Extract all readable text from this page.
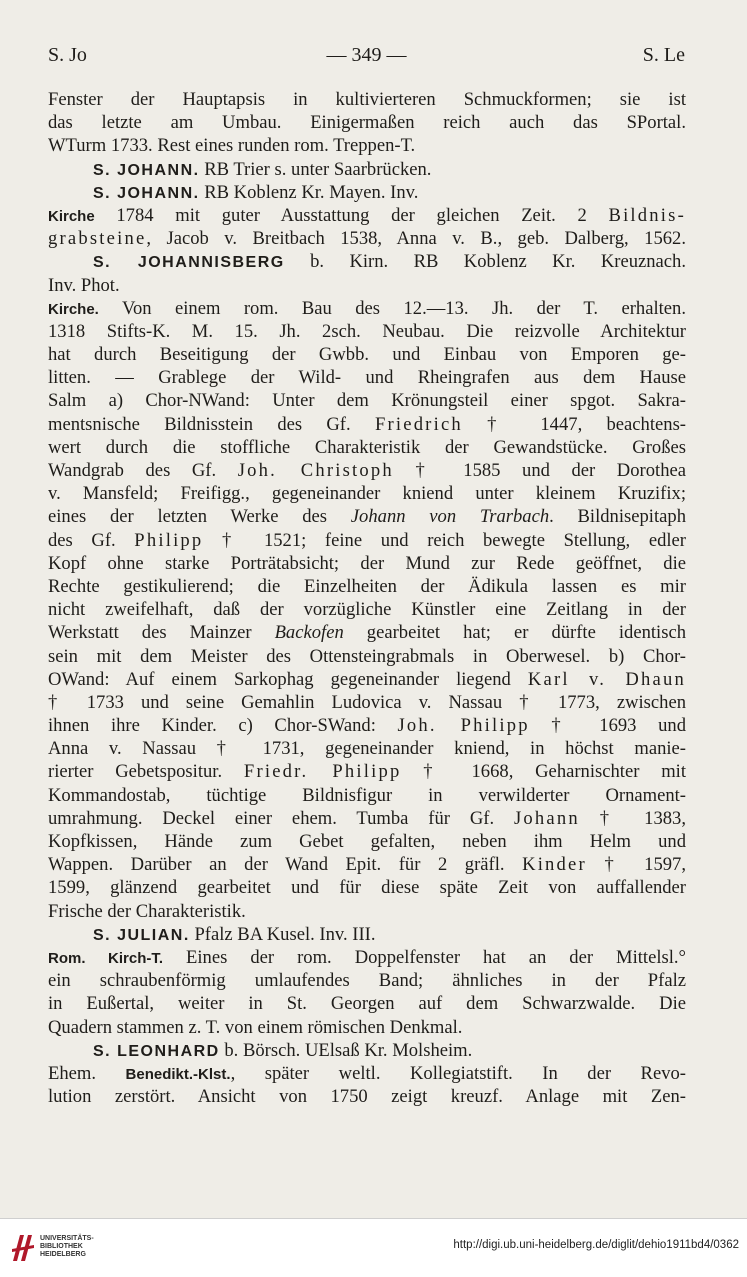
S. Jo	— 349 —	S. Le
Fenster der Hauptapsis in kultivierteren Schmuckformen; sie ist
das letzte am Umbau. Einigermaßen reich auch das SPortal.
WTurm 1733. Rest eines runden rom. Treppen-T.
S. JOHANN. RB Trier s. unter Saarbrücken.
S. JOHANN. RB Koblenz Kr. Mayen. Inv.
Kirche 1784 mit guter Ausstattung der gleichen Zeit. 2 Bildnis-
grabsteine, Jacob v. Breitbach 1538, Anna v. B., geb. Dalberg, 1562.
S. JOHANNISBERG b. Kirn. RB Koblenz Kr. Kreuznach.
Inv. Phot.
Kirche. Von einem rom. Bau des 12.—13. Jh. der T. erhalten.
1318 Stifts-K. M. 15. Jh. 2sch. Neubau. Die reizvolle Architektur
hat durch Beseitigung der Gwbb. und Einbau von Emporen ge-
litten. — Grablege der Wild- und Rheingrafen aus dem Hause
Salm a) Chor-NWand: Unter dem Krönungsteil einer spgot. Sakra-
mentsnische Bildnisstein des Gf. Friedrich † 1447, beachtens-
wert durch die stoffliche Charakteristik der Gewandstücke. Großes
Wandgrab des Gf. Joh. Christoph † 1585 und der Dorothea
v. Mansfeld; Freifigg., gegeneinander kniend unter kleinem Kruzifix;
eines der letzten Werke des Johann von Trarbach. Bildnisepitaph
des Gf. Philipp † 1521; feine und reich bewegte Stellung, edler
Kopf ohne starke Porträtabsicht; der Mund zur Rede geöffnet, die
Rechte gestikulierend; die Einzelheiten der Ädikula lassen es mir
nicht zweifelhaft, daß der vorzügliche Künstler eine Zeitlang in der
Werkstatt des Mainzer Backofen gearbeitet hat; er dürfte identisch
sein mit dem Meister des Ottensteingrabmals in Oberwesel. b) Chor-
OWand: Auf einem Sarkophag gegeneinander liegend Karl v. Dhaun
† 1733 und seine Gemahlin Ludovica v. Nassau † 1773, zwischen
ihnen ihre Kinder. c) Chor-SWand: Joh. Philipp † 1693 und
Anna v. Nassau † 1731, gegeneinander kniend, in höchst manie-
rierter Gebetspositur. Friedr. Philipp † 1668, Geharnischter mit
Kommandostab, tüchtige Bildnisfigur in verwilderter Ornament-
umrahmung. Deckel einer ehem. Tumba für Gf. Johann † 1383,
Kopfkissen, Hände zum Gebet gefalten, neben ihm Helm und
Wappen. Darüber an der Wand Epit. für 2 gräfl. Kinder † 1597,
1599, glänzend gearbeitet und für diese späte Zeit von auffallender
Frische der Charakteristik.
S. JULIAN. Pfalz BA Kusel. Inv. III.
Rom. Kirch-T. Eines der rom. Doppelfenster hat an der Mittelsl.°
ein schraubenförmig umlaufendes Band; ähnliches in der Pfalz
in Eußertal, weiter in St. Georgen auf dem Schwarzwalde. Die
Quadern stammen z. T. von einem römischen Denkmal.
S. LEONHARD b. Börsch. UElsaß Kr. Molsheim.
Ehem. Benedikt.-Klst., später weltl. Kollegiatstift. In der Revo-
lution zerstört. Ansicht von 1750 zeigt kreuzf. Anlage mit Zen-
UNIVERSITÄTS-
BIBLIOTHEK
HEIDELBERG
http://digi.ub.uni-heidelberg.de/diglit/dehio1911bd4/0362
